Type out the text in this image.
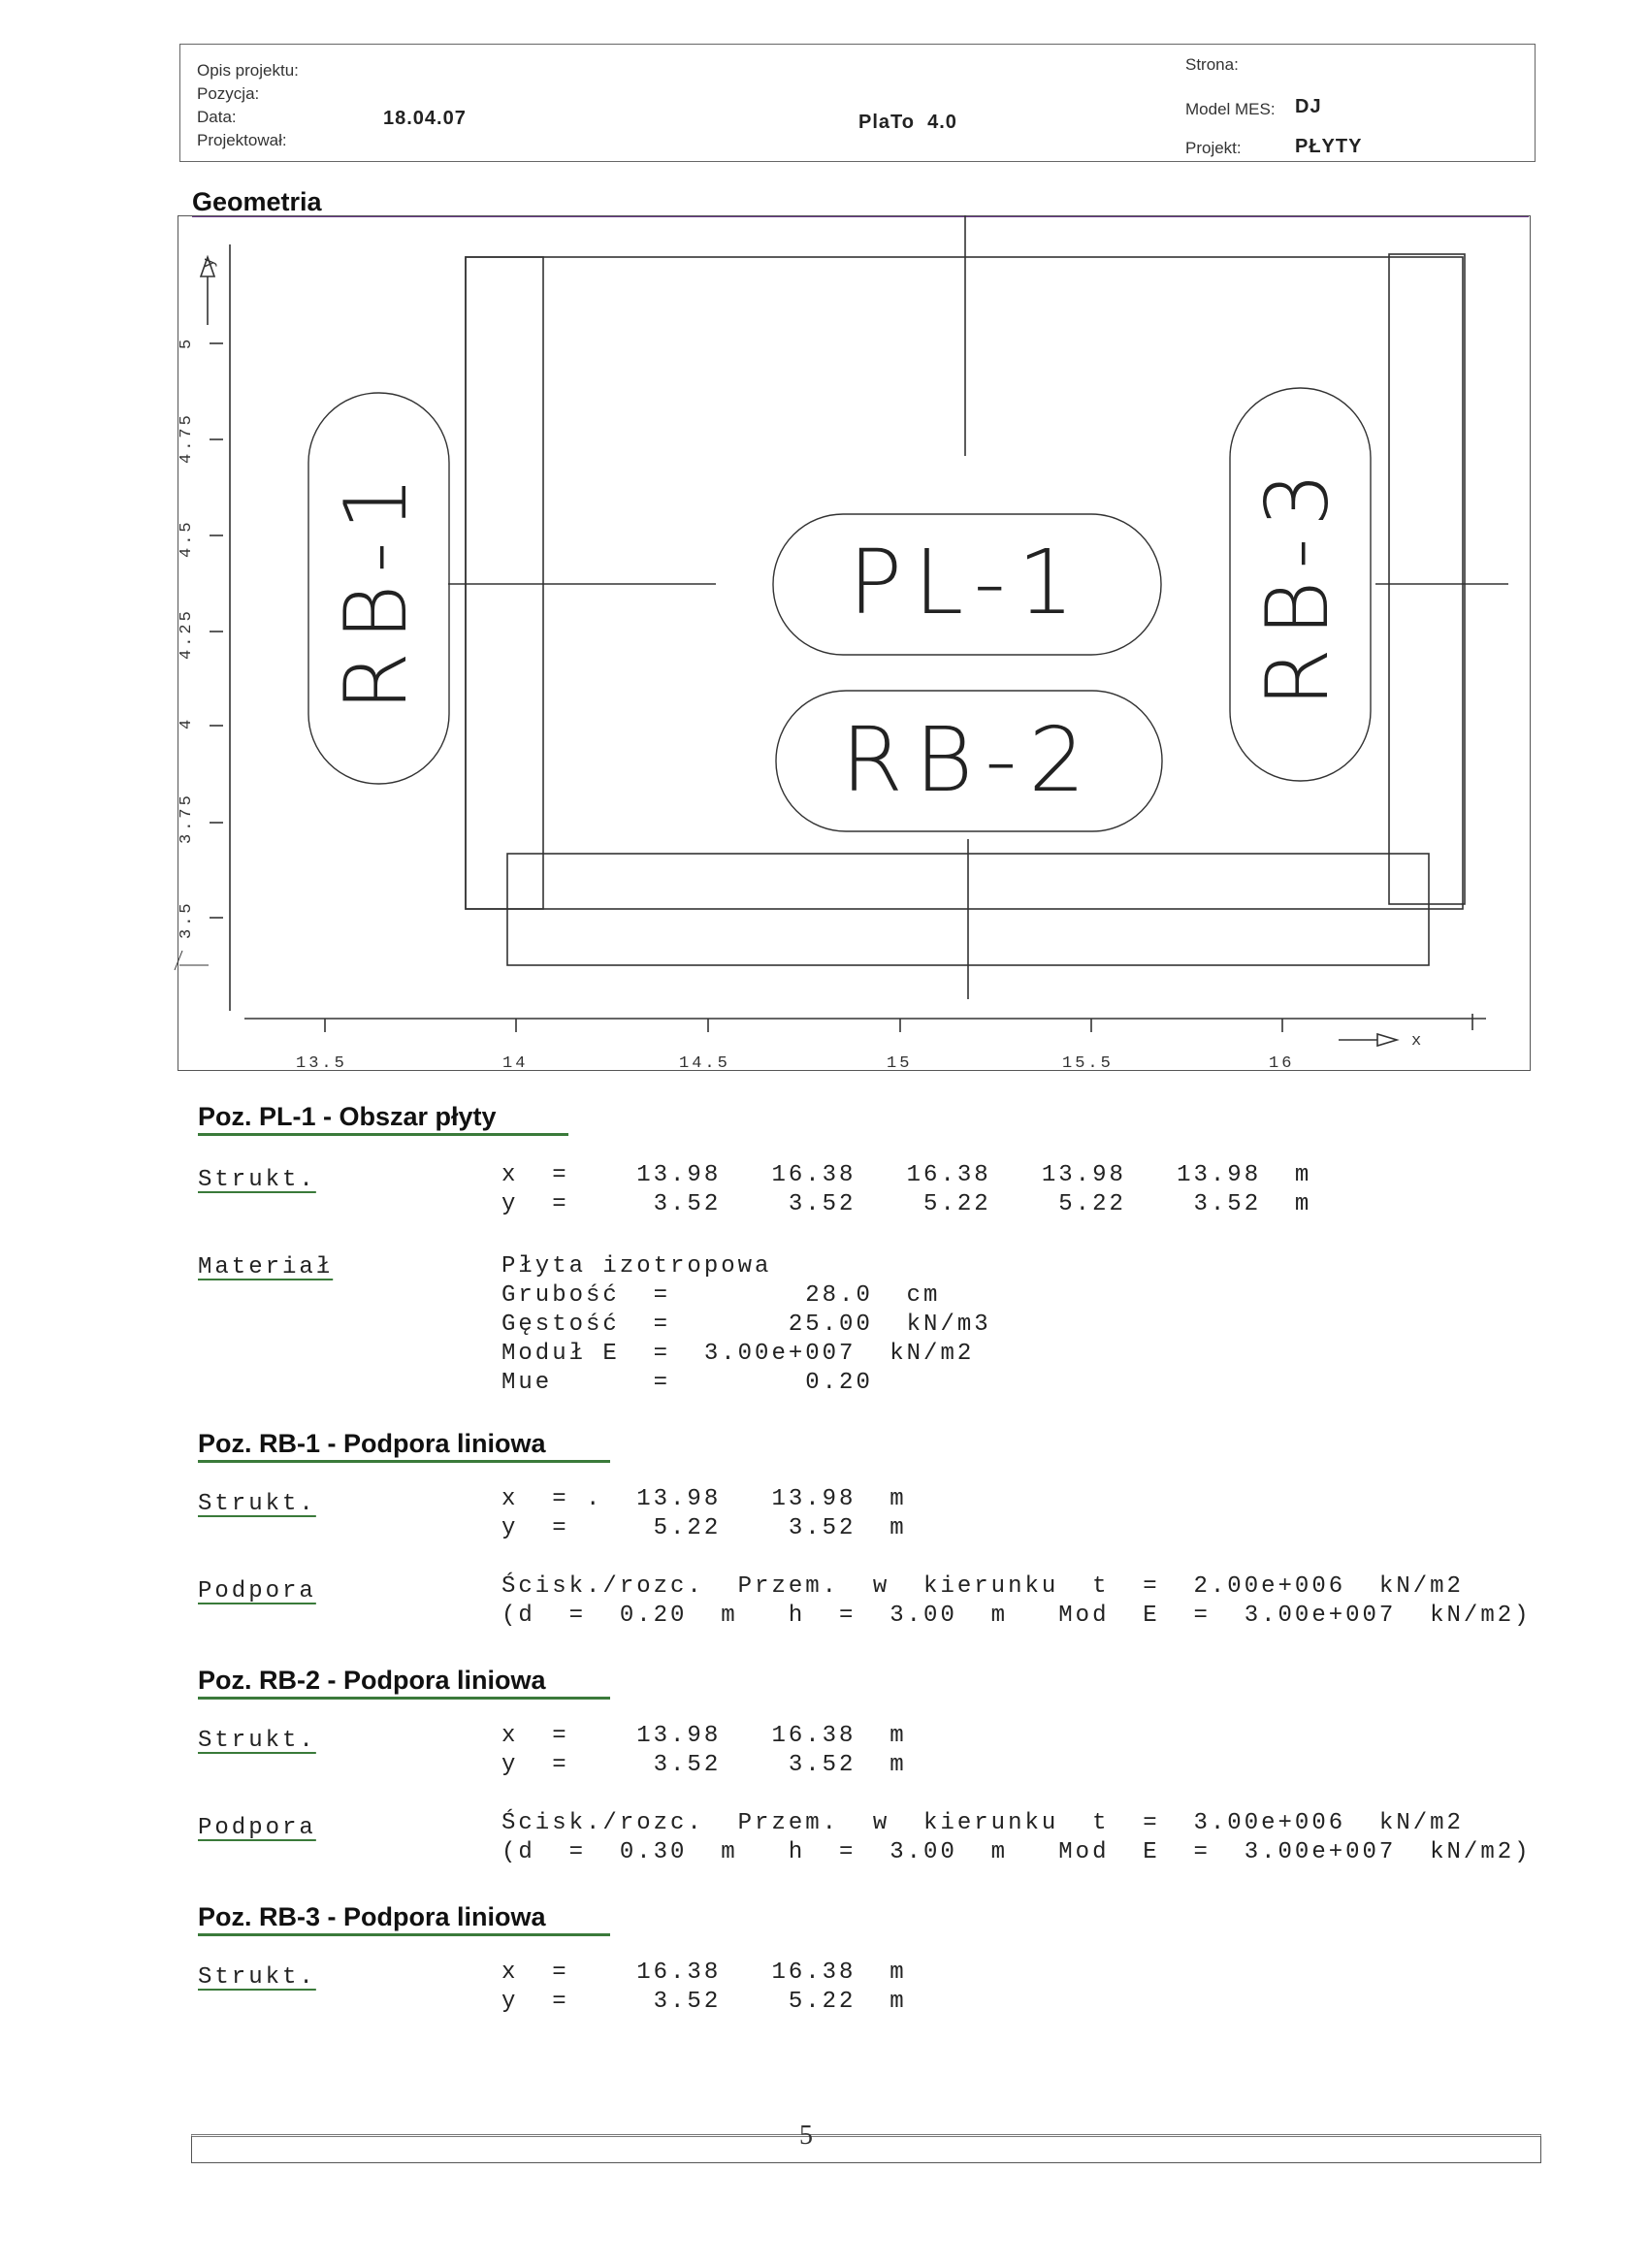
Opis projektu:
Pozycja:
Data:	18.04.07
Projektował:
PlaTo  4.0
Strona:
Model MES: DJ
Projekt:	PŁYTY
Geometria
13.5	14	14.5	15	15.5	16
x
5
4.75
4.5
4.25
4
3.75
3.5
y
PL-1
RB-2
RB-1	RB-3
Poz. PL-1 - Obszar płyty
Strukt.	x  =    13.98   16.38   16.38   13.98   13.98  m
y  =     3.52    3.52    5.22    5.22    3.52  m
Materiał	Płyta izotropowa
Grubość  =        28.0  cm
Gęstość  =       25.00  kN/m3
Moduł E  =  3.00e+007  kN/m2
Mue      =        0.20
Poz. RB-1 - Podpora liniowa
Strukt.	x  = .  13.98   13.98  m
y  =     5.22    3.52  m
Podpora	Ścisk./rozc.  Przem.  w  kierunku  t  =  2.00e+006  kN/m2
(d  =  0.20  m   h  =  3.00  m   Mod  E  =  3.00e+007  kN/m2)
Poz. RB-2 - Podpora liniowa
Strukt.	x  =    13.98   16.38  m
y  =     3.52    3.52  m
Podpora	Ścisk./rozc.  Przem.  w  kierunku  t  =  3.00e+006  kN/m2
(d  =  0.30  m   h  =  3.00  m   Mod  E  =  3.00e+007  kN/m2)
Poz. RB-3 - Podpora liniowa
Strukt.	x  =    16.38   16.38  m
y  =     3.52    5.22  m
5
